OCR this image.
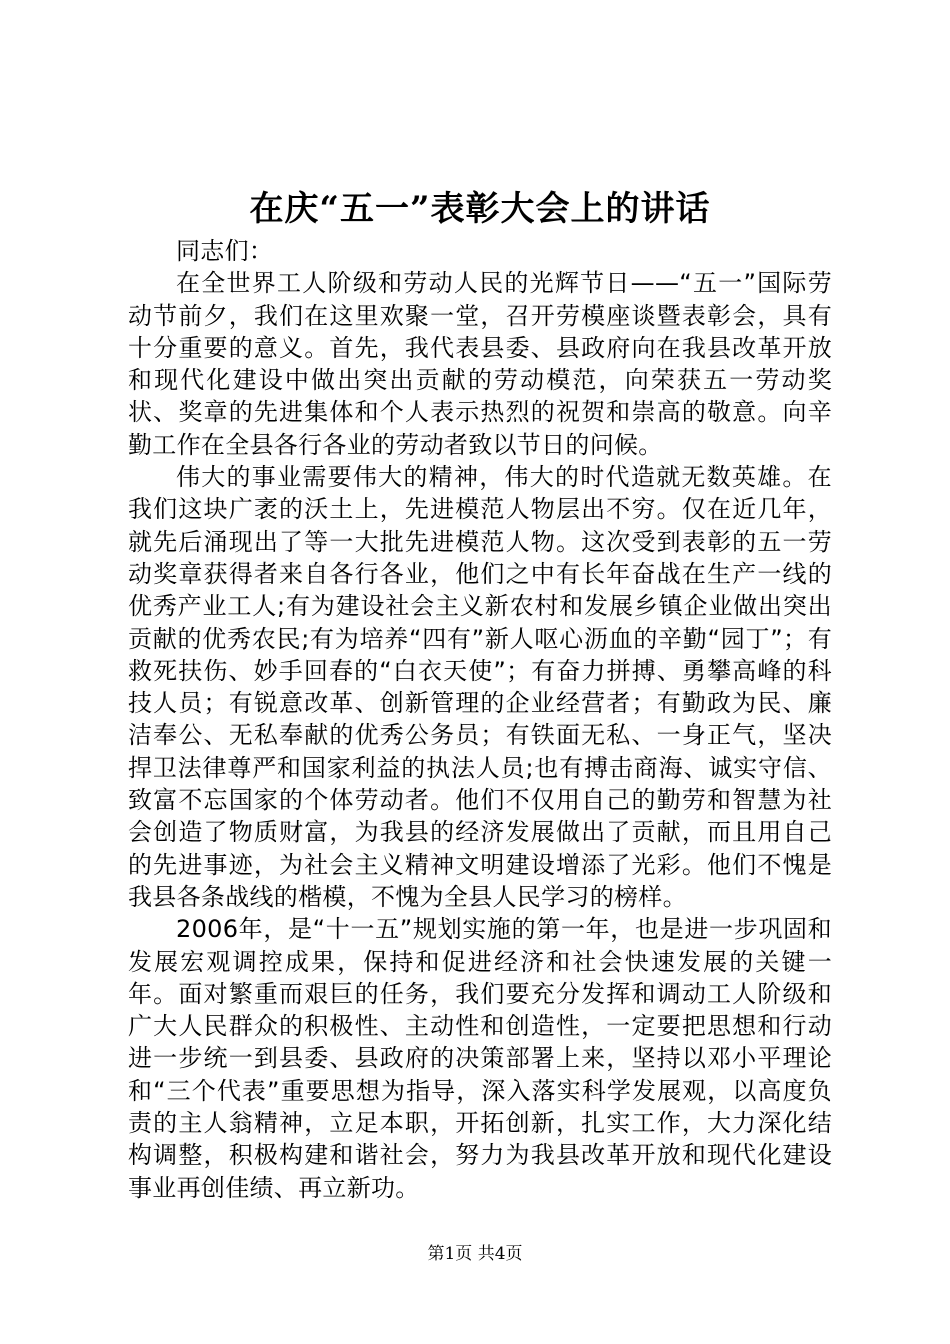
在庆“五一”表彰大会上的讲话

同志们：

在全世界工人阶级和劳动人民的光辉节日——“五一”国际劳动节前夕，我们在这里欢聚一堂，召开劳模座谈暨表彰会，具有十分重要的意义。首先，我代表县委、县政府向在我县改革开放和现代化建设中做出突出贡献的劳动模范，向荣获五一劳动奖状、奖章的先进集体和个人表示热烈的祝贺和崇高的敬意。向辛勤工作在全县各行各业的劳动者致以节日的问候。

伟大的事业需要伟大的精神，伟大的时代造就无数英雄。在我们这块广袤的沃土上，先进模范人物层出不穷。仅在近几年，就先后涌现出了等一大批先进模范人物。这次受到表彰的五一劳动奖章获得者来自各行各业，他们之中有长年奋战在生产一线的优秀产业工人;有为建设社会主义新农村和发展乡镇企业做出突出贡献的优秀农民;有为培养“四有”新人呕心沥血的辛勤“园丁”；有救死扶伤、妙手回春的“白衣天使”；有奋力拼搏、勇攀高峰的科技人员；有锐意改革、创新管理的企业经营者；有勤政为民、廉洁奉公、无私奉献的优秀公务员；有铁面无私、一身正气，坚决捍卫法律尊严和国家利益的执法人员;也有搏击商海、诚实守信、致富不忘国家的个体劳动者。他们不仅用自己的勤劳和智慧为社会创造了物质财富，为我县的经济发展做出了贡献，而且用自己的先进事迹，为社会主义精神文明建设增添了光彩。他们不愧是我县各条战线的楷模，不愧为全县人民学习的榜样。

2006年，是“十一五”规划实施的第一年，也是进一步巩固和发展宏观调控成果，保持和促进经济和社会快速发展的关键一年。面对繁重而艰巨的任务，我们要充分发挥和调动工人阶级和广大人民群众的积极性、主动性和创造性，一定要把思想和行动进一步统一到县委、县政府的决策部署上来，坚持以邓小平理论和“三个代表”重要思想为指导，深入落实科学发展观，以高度负责的主人翁精神，立足本职，开拓创新，扎实工作，大力深化结构调整，积极构建和谐社会，努力为我县改革开放和现代化建设事业再创佳绩、再立新功。

第1页 共4页
